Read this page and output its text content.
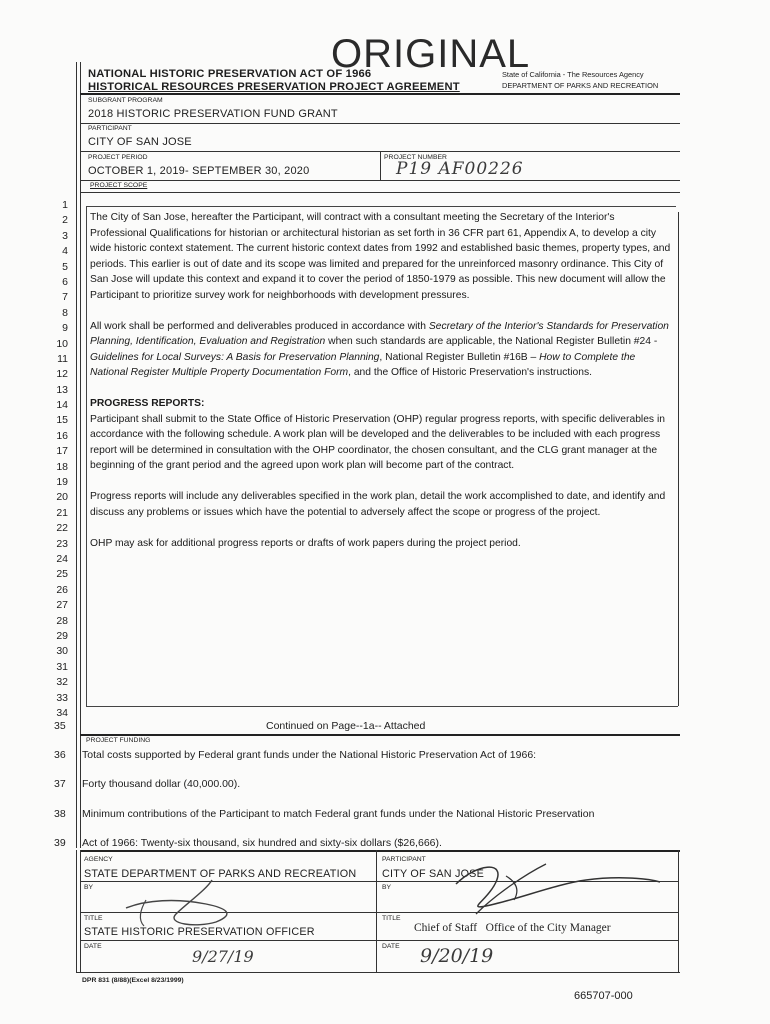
ORIGINAL
NATIONAL HISTORIC PRESERVATION ACT OF 1966
HISTORICAL RESOURCES PRESERVATION PROJECT AGREEMENT
State of California - The Resources Agency
DEPARTMENT OF PARKS AND RECREATION
SUBGRANT PROGRAM
2018 HISTORIC PRESERVATION FUND GRANT
PARTICIPANT
CITY OF SAN JOSE
PROJECT PERIOD
OCTOBER 1, 2019- SEPTEMBER 30, 2020
PROJECT NUMBER
P19 AF00226
PROJECT SCOPE
1
2
3
4
5
6
7
8
9
10
11
12
13
14
15
16
17
18
19
20
21
22
23
24
25
26
27
28
29
30
31
32
33
34

The City of San Jose, hereafter the Participant, will contract with a consultant meeting the Secretary of the Interior's Professional Qualifications for historian or architectural historian as set forth in 36 CFR part 61, Appendix A, to develop a city wide historic context statement. The current historic context dates from 1992 and established basic themes, property types, and periods. This earlier is out of date and its scope was limited and prepared for the unreinforced masonry ordinance. This City of San Jose will update this context and expand it to cover the period of 1850-1979 as possible. This new document will allow the Participant to prioritize survey work for neighborhoods with development pressures.

All work shall be performed and deliverables produced in accordance with Secretary of the Interior's Standards for Preservation Planning, Identification, Evaluation and Registration when such standards are applicable, the National Register Bulletin #24 - Guidelines for Local Surveys: A Basis for Preservation Planning, National Register Bulletin #16B – How to Complete the National Register Multiple Property Documentation Form, and the Office of Historic Preservation's instructions.

PROGRESS REPORTS:

Participant shall submit to the State Office of Historic Preservation (OHP) regular progress reports, with specific deliverables in accordance with the following schedule. A work plan will be developed and the deliverables to be included with each progress report will be determined in consultation with the OHP coordinator, the chosen consultant, and the CLG grant manager at the beginning of the grant period and the agreed upon work plan will become part of the contract.

Progress reports will include any deliverables specified in the work plan, detail the work accomplished to date, and identify and discuss any problems or issues which have the potential to adversely affect the scope or progress of the project.

OHP may ask for additional progress reports or drafts of work papers during the project period.

35	Continued on Page--1a-- Attached
PROJECT FUNDING
36 Total costs supported by Federal grant funds under the National Historic Preservation Act of 1966:
37 Forty thousand dollar (40,000.00).
38 Minimum contributions of the Participant to match Federal grant funds under the National Historic Preservation
39 Act of 1966: Twenty-six thousand, six hundred and sixty-six dollars ($26,666).
AGENCY
STATE DEPARTMENT OF PARKS AND RECREATION
PARTICIPANT
CITY OF SAN JOSE
BY	BY
TITLE
STATE HISTORIC PRESERVATION OFFICER
TITLE
Chief of Staff   Office of the City Manager
DATE
9/27/19
DATE 9/20/19
DPR 831 (8/88)(Excel 8/23/1999)
665707-000
